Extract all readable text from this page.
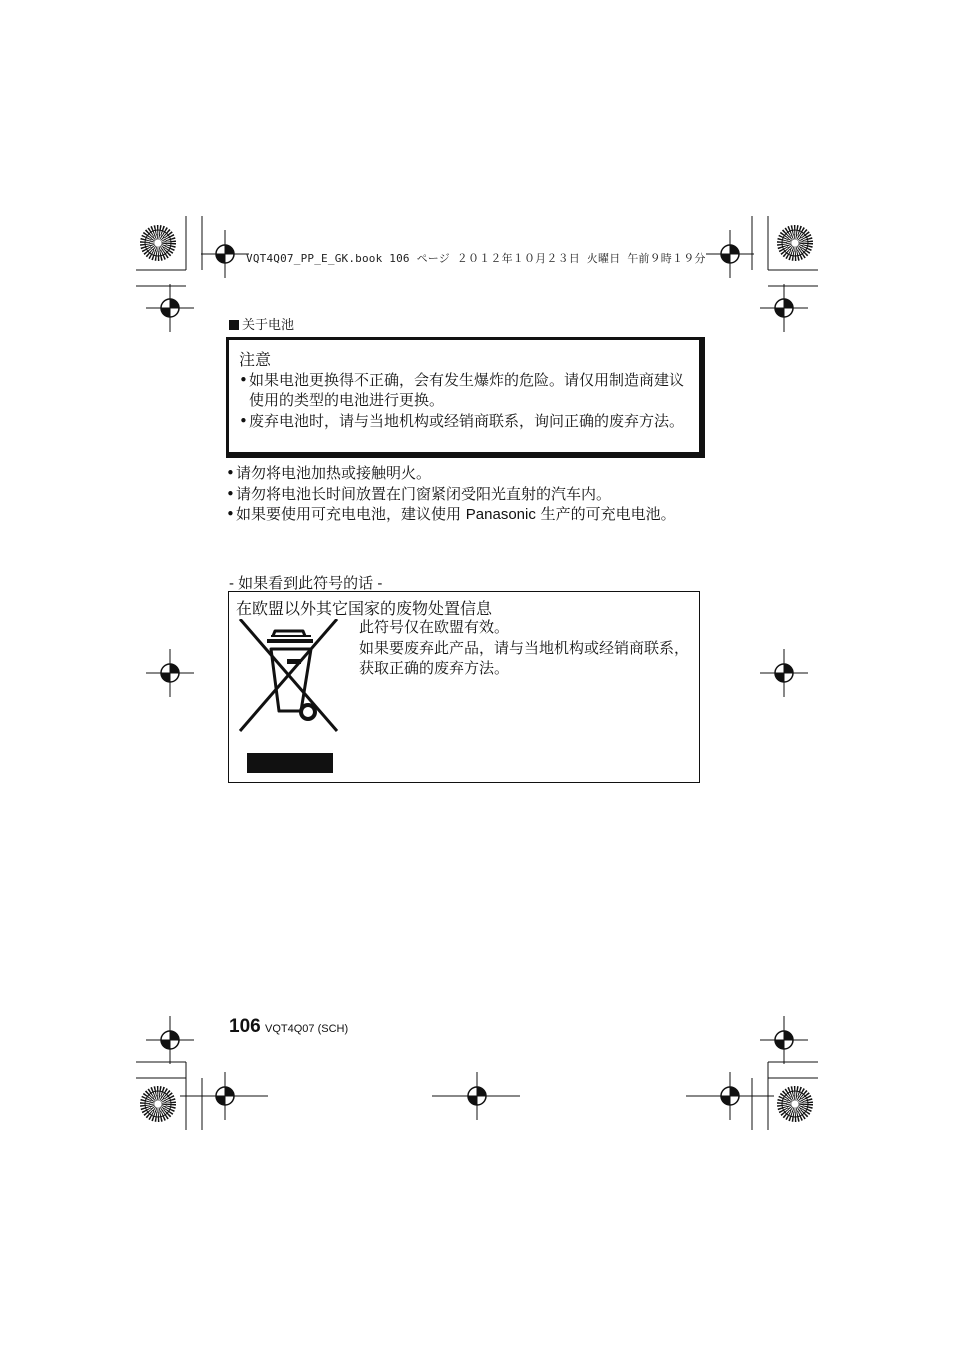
VQT4Q07_PP_E_GK.book 106 ページ ２０１２年１０月２３日 火曜日 午前９時１９分
关于电池
注意
•如果电池更换得不正确，会有发生爆炸的危险。请仅用制造商建议使用的类型的电池进行更换。
•废弃电池时，请与当地机构或经销商联系，询问正确的废弃方法。
•请勿将电池加热或接触明火。
•请勿将电池长时间放置在门窗紧闭受阳光直射的汽车内。
•如果要使用可充电电池，建议使用 Panasonic 生产的可充电电池。
- 如果看到此符号的话 -
在欧盟以外其它国家的废物处置信息
此符号仅在欧盟有效。
如果要废弃此产品，请与当地机构或经销商联系，获取正确的废弃方法。
106 VQT4Q07 (SCH)
